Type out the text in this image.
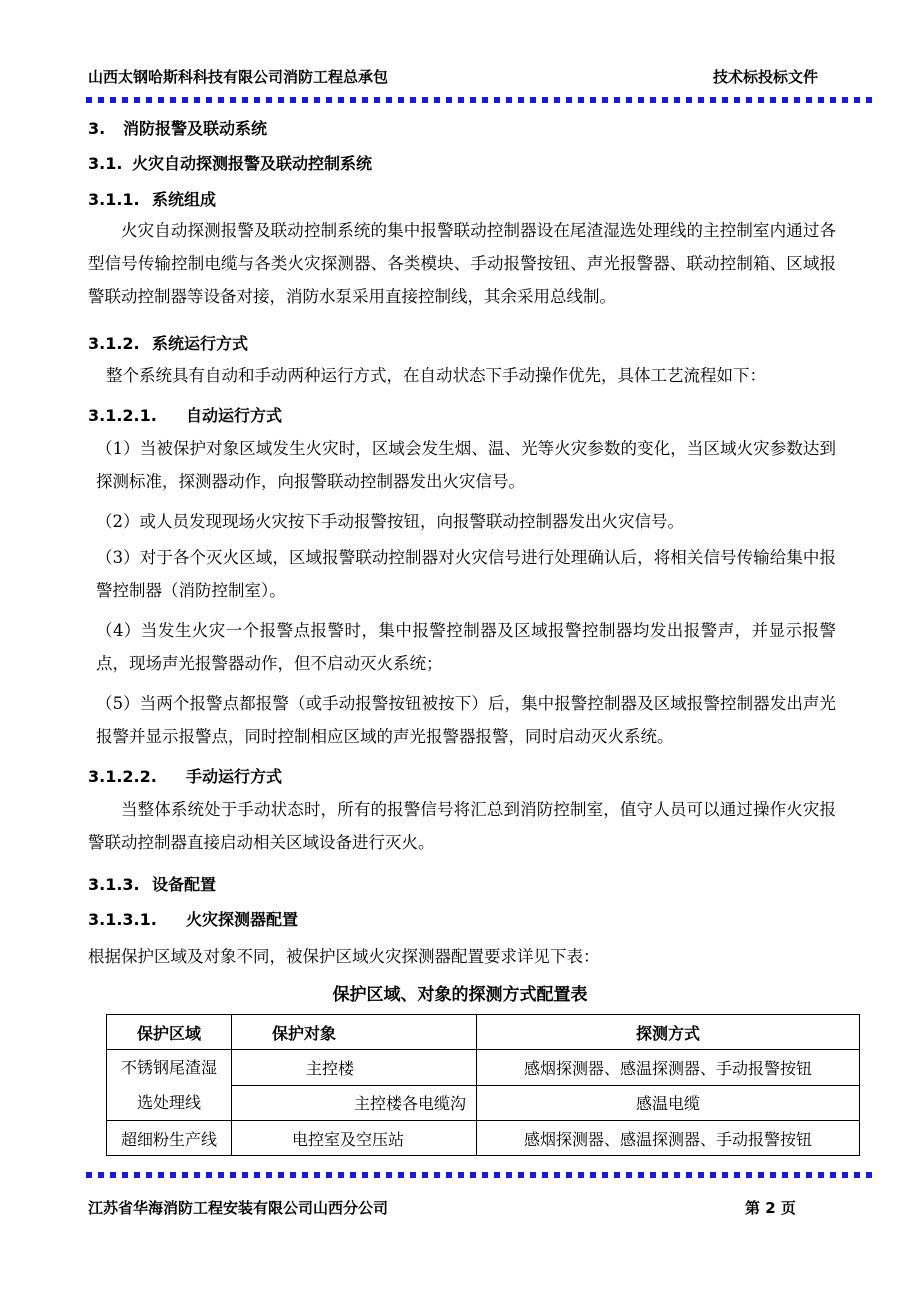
山西太钢哈斯科科技有限公司消防工程总承包	技术标投标文件
3. 消防报警及联动系统
3.1. 火灾自动探测报警及联动控制系统
3.1.1. 系统组成
火灾自动探测报警及联动控制系统的集中报警联动控制器设在尾渣湿选处理线的主控制室内通过各型信号传输控制电缆与各类火灾探测器、各类模块、手动报警按钮、声光报警器、联动控制箱、区域报警联动控制器等设备对接，消防水泵采用直接控制线，其余采用总线制。
3.1.2. 系统运行方式
整个系统具有自动和手动两种运行方式，在自动状态下手动操作优先，具体工艺流程如下：
3.1.2.1. 自动运行方式
（1）当被保护对象区域发生火灾时，区域会发生烟、温、光等火灾参数的变化，当区域火灾参数达到探测标准，探测器动作，向报警联动控制器发出火灾信号。
（2）或人员发现现场火灾按下手动报警按钮，向报警联动控制器发出火灾信号。
（3）对于各个灭火区域，区域报警联动控制器对火灾信号进行处理确认后，将相关信号传输给集中报警控制器（消防控制室）。
（4）当发生火灾一个报警点报警时，集中报警控制器及区域报警控制器均发出报警声，并显示报警点，现场声光报警器动作，但不启动灭火系统；
（5）当两个报警点都报警（或手动报警按钮被按下）后，集中报警控制器及区域报警控制器发出声光报警并显示报警点，同时控制相应区域的声光报警器报警，同时启动灭火系统。
3.1.2.2. 手动运行方式
当整体系统处于手动状态时，所有的报警信号将汇总到消防控制室，值守人员可以通过操作火灾报警联动控制器直接启动相关区域设备进行灭火。
3.1.3. 设备配置
3.1.3.1. 火灾探测器配置
根据保护区域及对象不同，被保护区域火灾探测器配置要求详见下表：
保护区域、对象的探测方式配置表
保护区域	保护对象	探测方式

不锈钢尾渣湿
选处理线	主控楼	感烟探测器、感温探测器、手动报警按钮
	主控楼各电缆沟	感温电缆
超细粉生产线	电控室及空压站	感烟探测器、感温探测器、手动报警按钮
江苏省华海消防工程安装有限公司山西分公司	第 2 页
